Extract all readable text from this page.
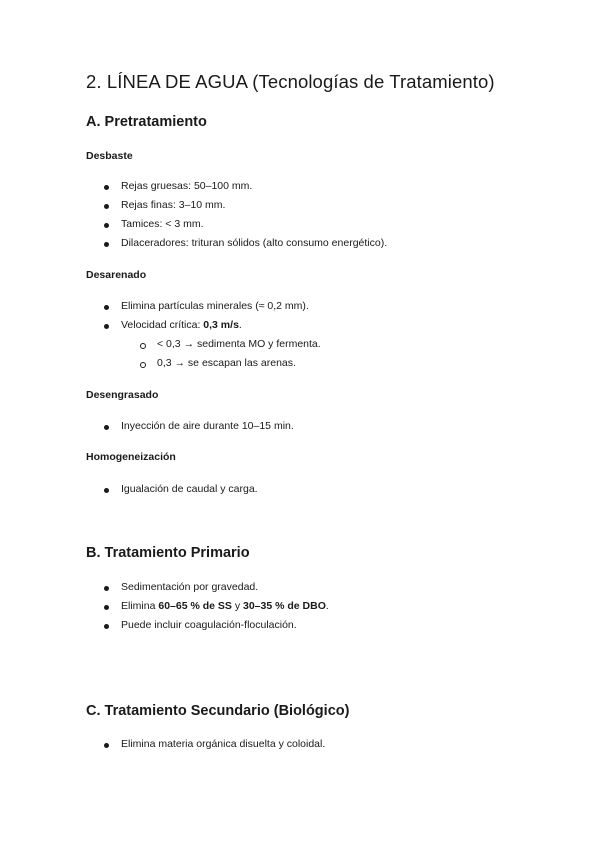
2. LÍNEA DE AGUA (Tecnologías de Tratamiento)
A. Pretratamiento
Desbaste
Rejas gruesas: 50–100 mm.
Rejas finas: 3–10 mm.
Tamices: < 3 mm.
Dilaceradores: trituran sólidos (alto consumo energético).
Desarenado
Elimina partículas minerales (≈ 0,2 mm).
Velocidad crítica: 0,3 m/s.
< 0,3 → sedimenta MO y fermenta.
0,3 → se escapan las arenas.
Desengrasado
Inyección de aire durante 10–15 min.
Homogeneización
Igualación de caudal y carga.
B. Tratamiento Primario
Sedimentación por gravedad.
Elimina 60–65 % de SS y 30–35 % de DBO.
Puede incluir coagulación-floculación.
C. Tratamiento Secundario (Biológico)
Elimina materia orgánica disuelta y coloidal.
